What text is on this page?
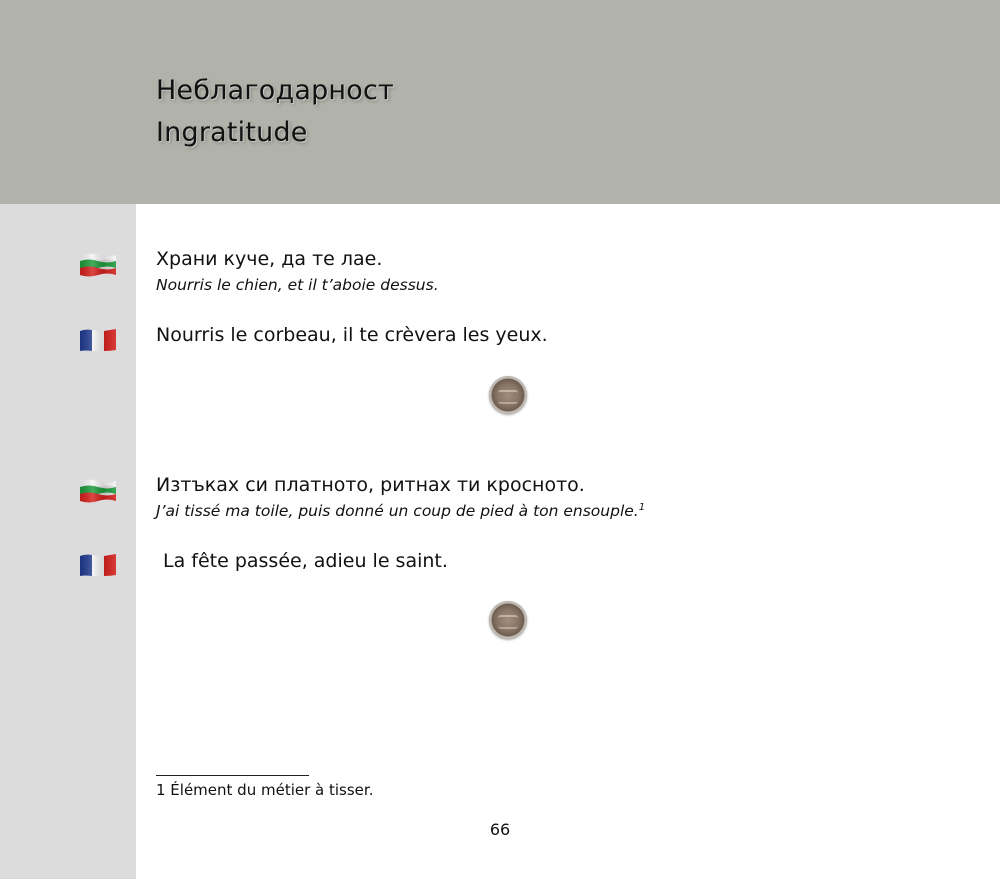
Неблагодарност
Ingratitude
Храни куче, да те лае.
Nourris le chien, et il t’aboie dessus.
Nourris le corbeau, il te crèvera les yeux.
Изтъках си платното, ритнах ти кросното.
J’ai tissé ma toile, puis donné un coup de pied à ton ensouple.$^1$
La fête passée, adieu le saint.
1 Élément du métier à tisser.
66
